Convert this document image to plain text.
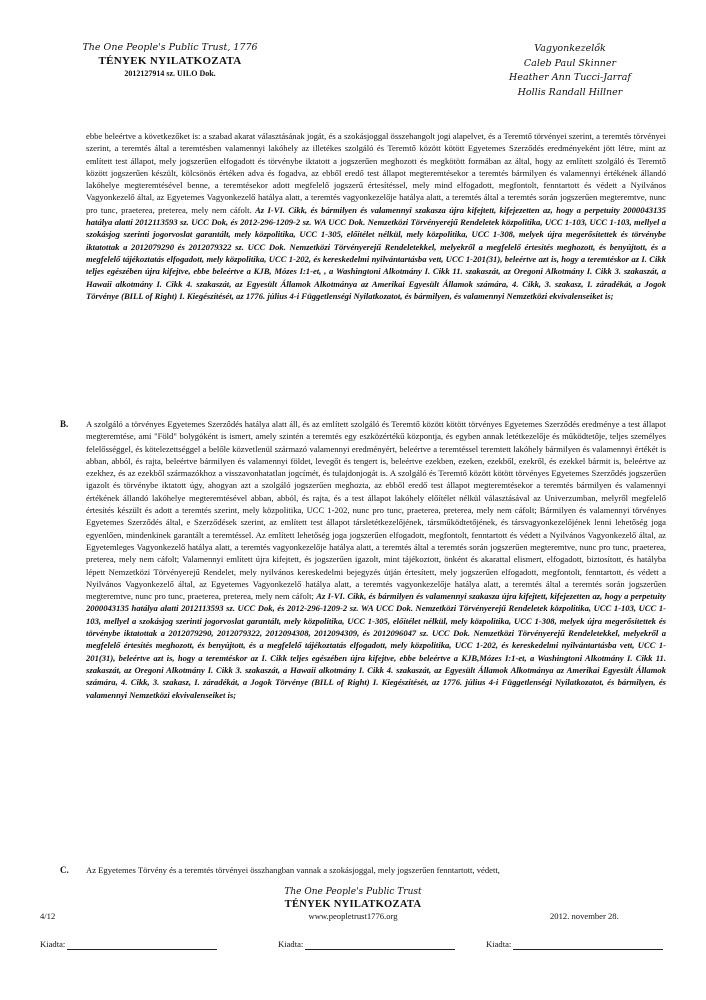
The One People's Public Trust, 1776
TÉNYEK NYILATKOZATA
2012127914 sz. UILO Dok.
Vagyonkezelők
Caleb Paul Skinner
Heather Ann Tucci-Jarraf
Hollis Randall Hillner
ebbe beleértve a következőket is: a szabad akarat választásának jogát, és a szokásjoggal összehangolt jogi alapelvet, és a Teremtő törvényei szerint, a teremtés törvényei szerint, a teremtés által a teremtésben valamennyi lakóhely az illetékes szolgáló és Teremtő között kötött Egyetemes Szerződés eredményeként jött létre, mint az említett test állapot, mely jogszerűen elfogadott és törvénybe iktatott a jogszerűen meghozott és megkötött formában az által, hogy az említett szolgáló és Teremtő között jogszerűen készült, kölcsönös értéken adva és fogadva, az ebből eredő test állapot megteremtésekor a teremtés bármilyen és valamennyi értékének állandó lakóhelye megteremtésével benne, a teremtésekor adott megfelelő jogszerű értesítéssel, mely mind elfogadott, megfontolt, fenntartott és védett a Nyilvános Vagyonkezelő által, az Egyetemes Vagyonkezelő hatálya alatt, a teremtés vagyonkezelője hatálya alatt, a teremtés által a teremtés során jogszerűen megteremtve, nunc pro tunc, praeterea, preterea, mely nem cáfolt. Az I-VI. Cikk, és bármilyen és valamennyi szakasza újra kifejtett, kifejezetten az, hogy a perpetuity 2000043135 hatálya alatti 2012113593 sz. UCC Dok, és 2012-296-1209-2 sz. WA UCC Dok. Nemzetközi Törvényerejű Rendeletek közpolitika, UCC 1-103, UCC 1-103, mellyel a szokásjog szerinti jogorvoslat garantált, mely közpolitika, UCC 1-305, előítélet nélkül, mely közpolitika, UCC 1-308, melyek újra megerősítettek és törvénybe iktatottak a 2012079290 és 2012079322 sz. UCC Dok. Nemzetközi Törvényerejű Rendeletekkel, melyekről a megfelelő értesítés meghozott, és benyújtott, és a megfelelő tájékoztatás elfogadott, mely közpolitika, UCC 1-202, és kereskedelmi nyilvántartásba vett, UCC 1-201(31), beleértve azt is, hogy a teremtéskor az I. Cikk teljes egészében újra kifejtve, ebbe beleértve a KJB, Mózes I:1-et, , a Washingtoni Alkotmány I. Cikk 11. szakaszát, az Oregoni Alkotmány I. Cikk 3. szakaszát, a Hawaii alkotmány I. Cikk 4. szakaszát, az Egyesült Államok Alkotmánya az Amerikai Egyesült Államok számára, 4. Cikk, 3. szakasz, I. záradékát, a Jogok Törvénye (BILL of Right) I. Kiegészítését, az 1776. július 4-i Függetlenségi Nyilatkozatot, és bármilyen, és valamennyi Nemzetközi ekvivalenseiket is;
B. A szolgáló a törvényes Egyetemes Szerződés hatálya alatt áll, és az említett szolgáló és Teremtő között kötött törvényes Egyetemes Szerződés eredménye a test állapot megteremtése, ami "Föld" bolygóként is ismert, amely szintén a teremtés egy eszközértékű központja, és egyben annak letétkezelője és működtetője, teljes személyes felelősséggel, és kötelezettséggel a belőle közvetlenül származó valamennyi eredményért, beleértve a teremtéssel teremtett lakóhely bármilyen és valamennyi értékét is abban, abból, és rajta, beleértve bármilyen és valamennyi földet, levegőt és tengert is, beleértve ezekben, ezeken, ezekből, ezekről, és ezekkel bármit is, beleértve az ezekhez, és az ezekből származókhoz a visszavonhatatlan jogcímét, és tulajdonjogát is. A szolgáló és Teremtő között kötött törvényes Egyetemes Szerződés jogszerűen igazolt és törvénybe iktatott úgy, ahogyan azt a szolgáló jogszerűen meghozta, az ebből eredő test állapot megteremtésekor a teremtés bármilyen és valamennyi értékének állandó lakóhelye megteremtésével abban, abból, és rajta, és a test állapot lakóhely előítélet nélkül választásával az Univerzumban, melyről megfelelő értesítés készült és adott a teremtés szerint, mely közpolitika, UCC 1-202, nunc pro tunc, praeterea, preterea, mely nem cáfolt; Bármilyen és valamennyi törvényes Egyetemes Szerződés által, e Szerződések szerint, az említett test állapot társletétkezelőjének, társműködtetőjének, és társvagyonkezelőjének lenni lehetőség joga egyenlően, mindenkinek garantált a teremtéssel. Az említett lehetőség joga jogszerűen elfogadott, megfontolt, fenntartott és védett a Nyilvános Vagyonkezelő által, az Egyetemleges Vagyonkezelő hatálya alatt, a teremtés vagyonkezelője hatálya alatt, a teremtés által a teremtés során jogszerűen megteremtve, nunc pro tunc, praeterea, preterea, mely nem cáfolt; Valamennyi említett újra kifejtett, és jogszerűen igazolt, mint tájékoztott, önként és akarattal elismert, elfogadott, biztosított, és hatályba lépett Nemzetközi Törvényerejű Rendelet, mely nyilvános kereskedelmi bejegyzés útján értesített, mely jogszerűen elfogadott, megfontolt, fenntartott, és védett a Nyilvános Vagyonkezelő által, az Egyetemes Vagyonkezelő hatálya alatt, a teremtés vagyonkezelője hatálya alatt, a teremtés által a teremtés során jogszerűen megteremtve, nunc pro tunc, praeterea, preterea, mely nem cáfolt; Az I-VI. Cikk, és bármilyen és valamennyi szakasza újra kifejtett, kifejezetten az, hogy a perpetuity 2000043135 hatálya alatti 2012113593 sz. UCC Dok, és 2012-296-1209-2 sz. WA UCC Dok. Nemzetközi Törvényerejű Rendeletek közpolitika, UCC 1-103, UCC 1-103, mellyel a szokásjog szerinti jogorvoslat garantált, mely közpolitika, UCC 1-305, előítélet nélkül, mely közpolitika, UCC 1-308, melyek újra megerősítettek és törvénybe iktatottak a 2012079290, 2012079322, 2012094308, 2012094309, és 2012096047 sz. UCC Dok. Nemzetközi Törvényerejű Rendeletekkel, melyekről a megfelelő értesítés meghozott, és benyújtott, és a megfelelő tájékoztatás elfogadott, mely közpolitika, UCC 1-202, és kereskedelmi nyilvántartásba vett, UCC 1-201(31), beleértve azt is, hogy a teremtéskor az I. Cikk teljes egészében újra kifejtve, ebbe beleértve a KJB,Mózes I:1-et, a Washingtoni Alkotmány I. Cikk 11. szakaszát, az Oregoni Alkotmány I. Cikk 3. szakaszát, a Hawaii alkotmány I. Cikk 4. szakaszát, az Egyesült Államok Alkotmánya az Amerikai Egyesült Államok számára, 4. Cikk, 3. szakasz, I. záradékát, a Jogok Törvénye (BILL of Right) I. Kiegészítését, az 1776. július 4-i Függetlenségi Nyilatkozatot, és bármilyen, és valamennyi Nemzetközi ekvivalenseiket is;
C. Az Egyetemes Törvény és a teremtés törvényei összhangban vannak a szokásjoggal, mely jogszerűen fenntartott, védett,
The One People's Public Trust
TÉNYEK NYILATKOZATA
4/12	www.peopletrust1776.org	2012. november 28.
Kiadta:	Kiadta:	Kiadta:
